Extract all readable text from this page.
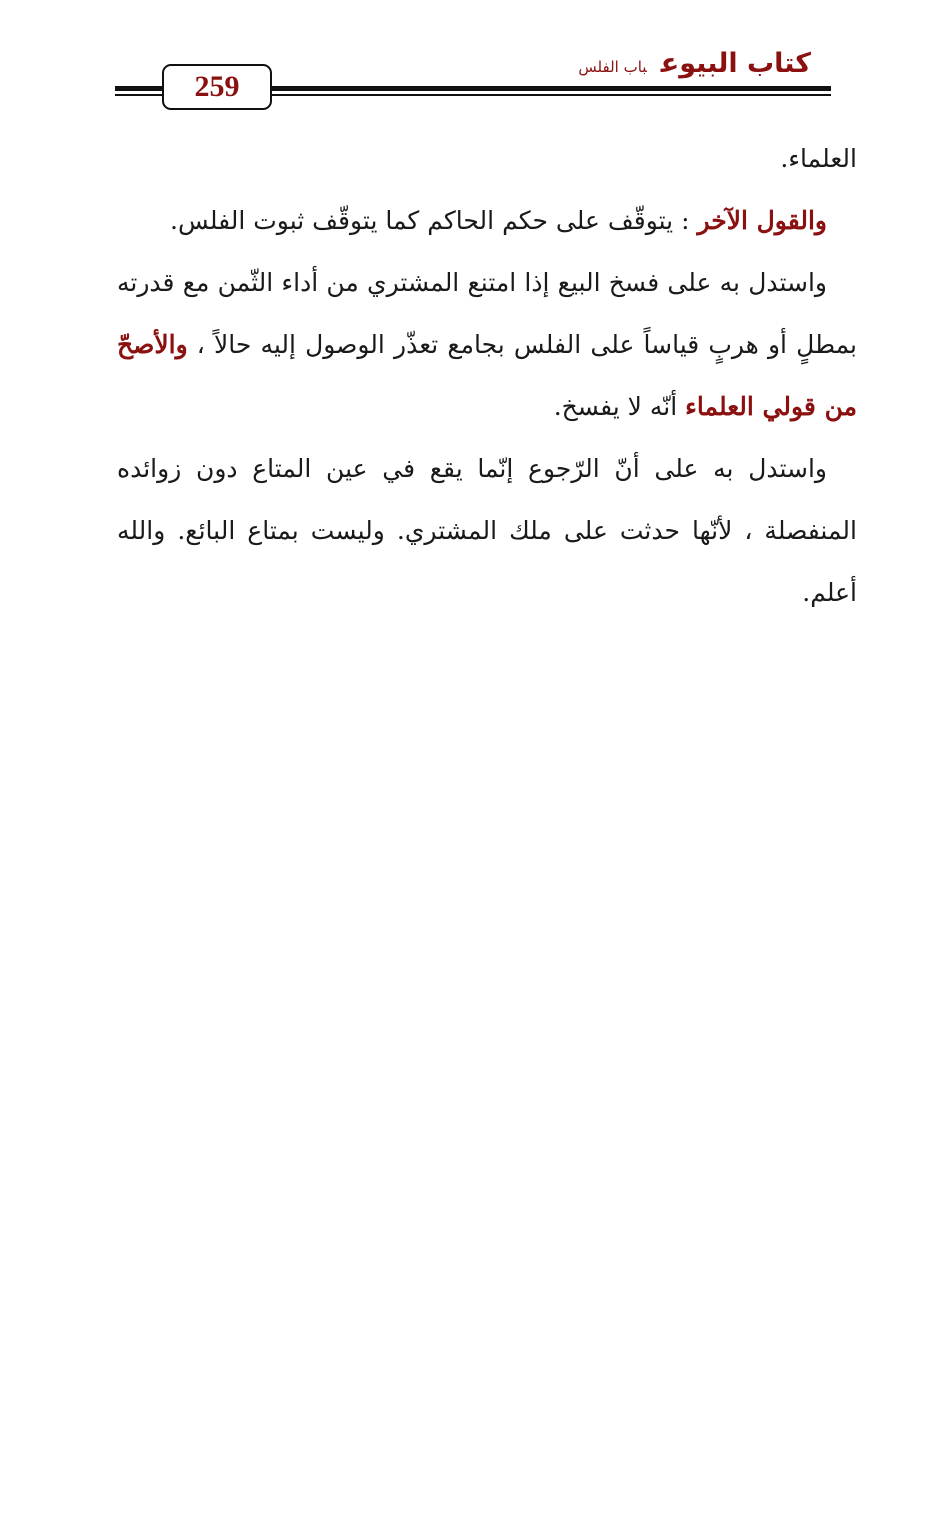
259
كتاب البيوعباب الفلس

العلماء.

والقول الآخر : يتوقّف على حكم الحاكم كما يتوقّف ثبوت الفلس.

واستدل به على فسخ البيع إذا امتنع المشتري من أداء الثّمن مع قدرته بمطلٍ أو هربٍ قياساً على الفلس بجامع تعذّر الوصول إليه حالاً ، والأصحّ من قولي العلماء أنّه لا يفسخ.

واستدل به على أنّ الرّجوع إنّما يقع في عين المتاع دون زوائده المنفصلة ، لأنّها حدثت على ملك المشتري. وليست بمتاع البائع. والله أعلم.
